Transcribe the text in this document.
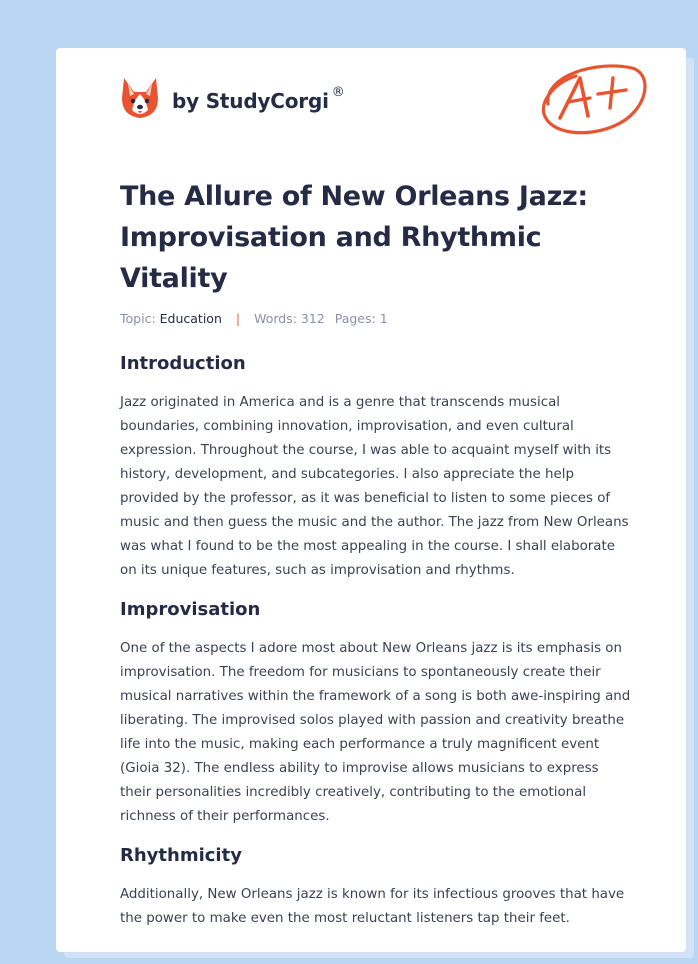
by StudyCorgi ®
A+
The Allure of New Orleans Jazz: Improvisation and Rhythmic Vitality
Topic: Education | Words: 312 Pages: 1
Introduction

Jazz originated in America and is a genre that transcends musical boundaries, combining innovation, improvisation, and even cultural expression. Throughout the course, I was able to acquaint myself with its history, development, and subcategories. I also appreciate the help provided by the professor, as it was beneficial to listen to some pieces of music and then guess the music and the author. The jazz from New Orleans was what I found to be the most appealing in the course. I shall elaborate on its unique features, such as improvisation and rhythms.

Improvisation

One of the aspects I adore most about New Orleans jazz is its emphasis on improvisation. The freedom for musicians to spontaneously create their musical narratives within the framework of a song is both awe-inspiring and liberating. The improvised solos played with passion and creativity breathe life into the music, making each performance a truly magnificent event (Gioia 32). The endless ability to improvise allows musicians to express their personalities incredibly creatively, contributing to the emotional richness of their performances.

Rhythmicity

Additionally, New Orleans jazz is known for its infectious grooves that have the power to make even the most reluctant listeners tap their feet.
